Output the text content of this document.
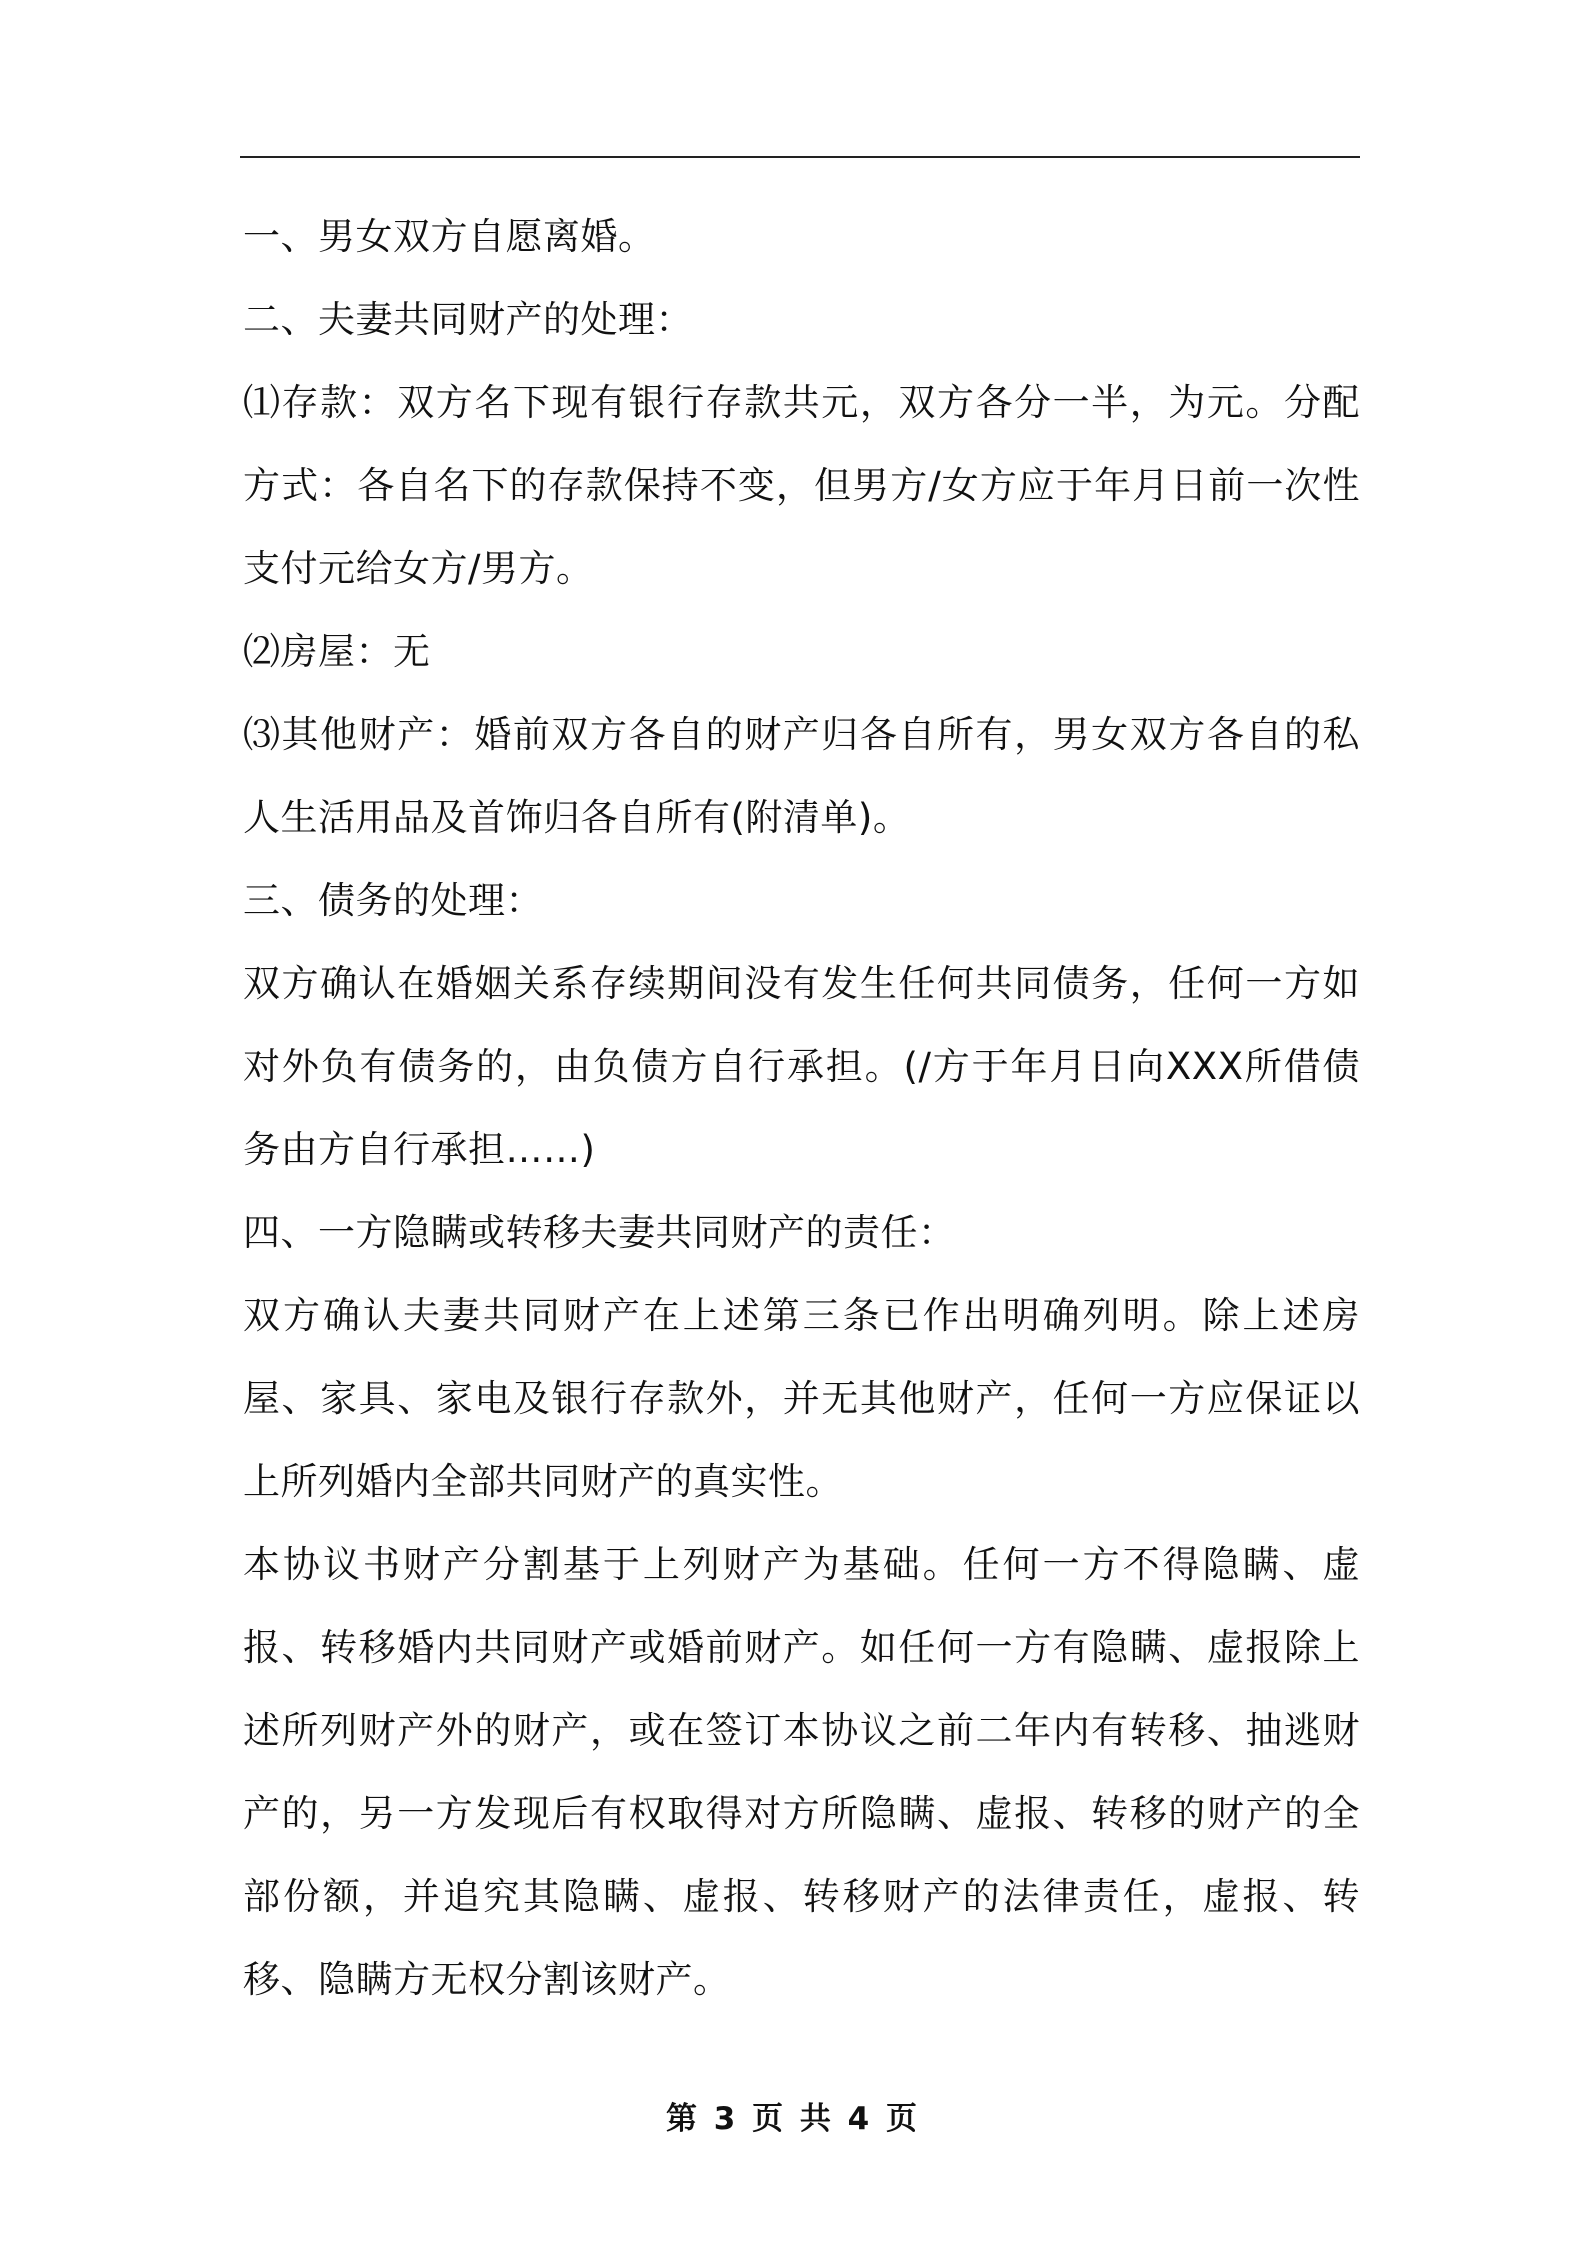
一、男女双方自愿离婚。

二、夫妻共同财产的处理：

⑴存款：双方名下现有银行存款共元，双方各分一半，为元。分配方式：各自名下的存款保持不变，但男方/女方应于年月日前一次性支付元给女方/男方。

⑵房屋：无

⑶其他财产：婚前双方各自的财产归各自所有，男女双方各自的私人生活用品及首饰归各自所有(附清单)。

三、债务的处理：

双方确认在婚姻关系存续期间没有发生任何共同债务，任何一方如对外负有债务的，由负债方自行承担。(/方于年月日向XXX所借债务由方自行承担……)

四、一方隐瞒或转移夫妻共同财产的责任：

双方确认夫妻共同财产在上述第三条已作出明确列明。除上述房屋、家具、家电及银行存款外，并无其他财产，任何一方应保证以上所列婚内全部共同财产的真实性。

本协议书财产分割基于上列财产为基础。任何一方不得隐瞒、虚报、转移婚内共同财产或婚前财产。如任何一方有隐瞒、虚报除上述所列财产外的财产，或在签订本协议之前二年内有转移、抽逃财产的，另一方发现后有权取得对方所隐瞒、虚报、转移的财产的全部份额，并追究其隐瞒、虚报、转移财产的法律责任，虚报、转移、隐瞒方无权分割该财产。

第 3 页 共 4 页
